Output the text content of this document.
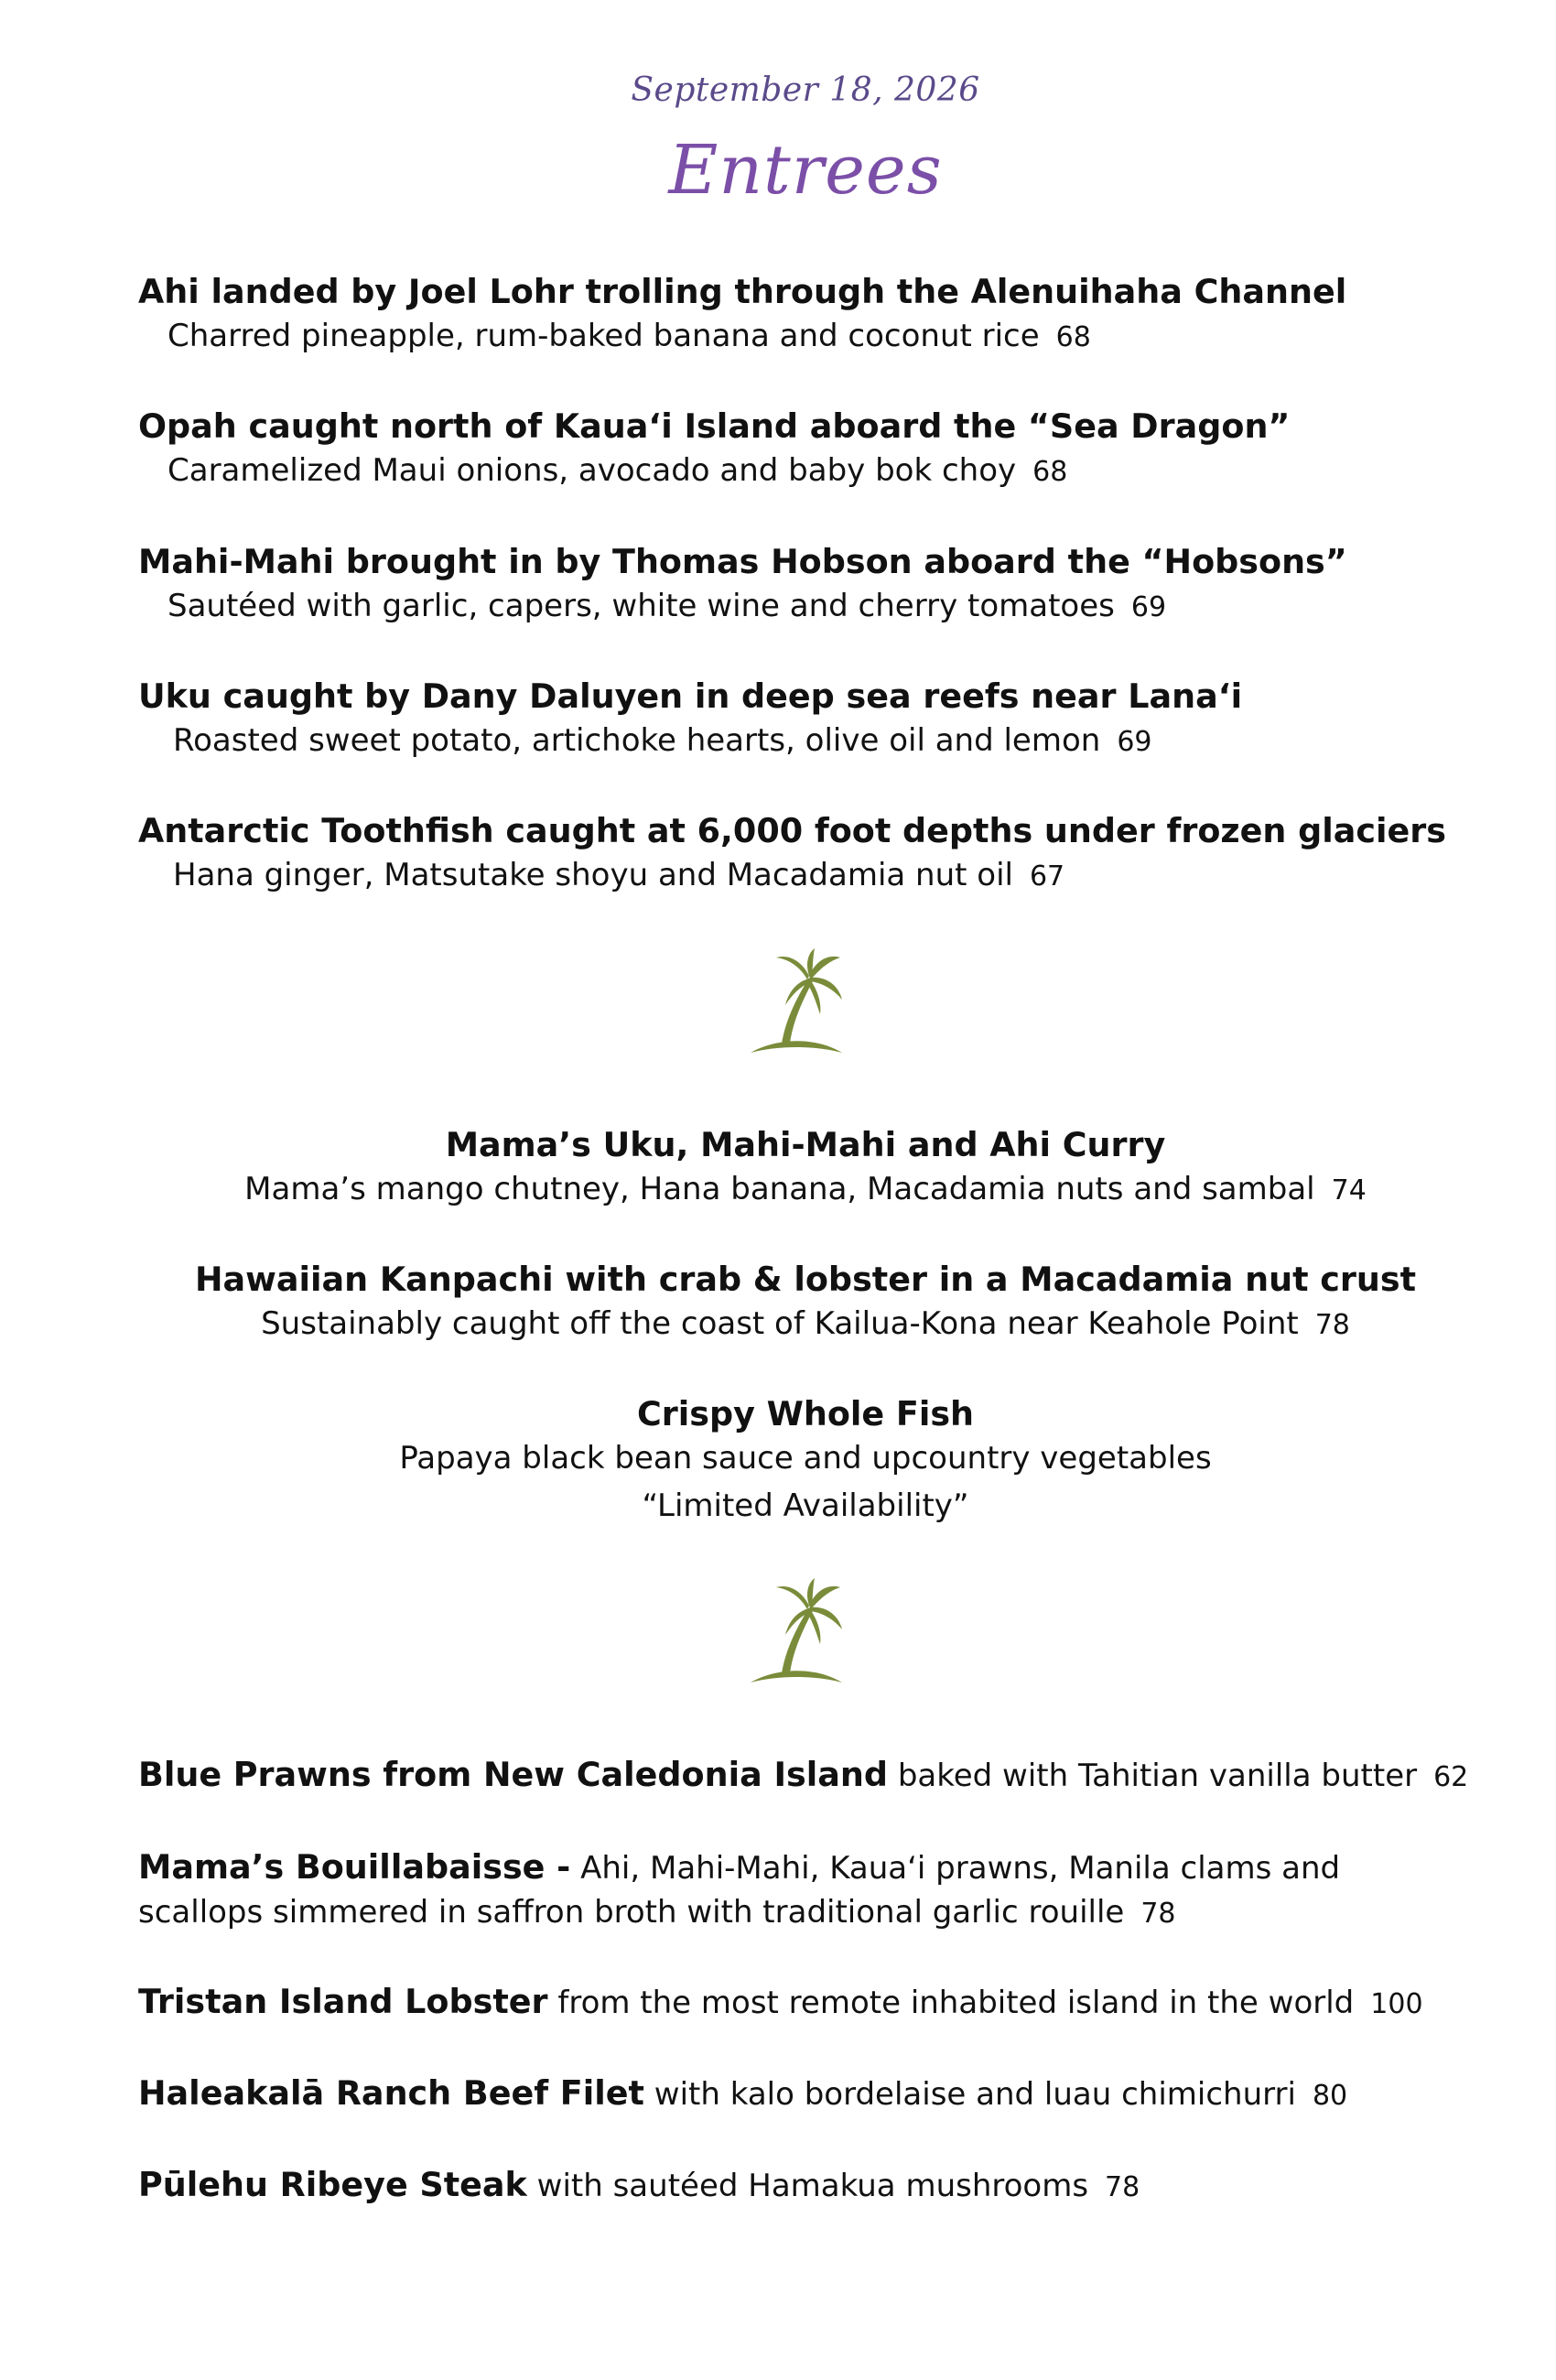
September 18, 2026
Entrees
Ahi landed by Joel Lohr trolling through the Alenuihaha Channel
Charred pineapple, rum-baked banana and coconut rice 68
Opah caught north of Kaua‘i Island aboard the “Sea Dragon”
Caramelized Maui onions, avocado and baby bok choy 68
Mahi-Mahi brought in by Thomas Hobson aboard the “Hobsons”
Sautéed with garlic, capers, white wine and cherry tomatoes 69
Uku caught by Dany Daluyen in deep sea reefs near Lana‘i
Roasted sweet potato, artichoke hearts, olive oil and lemon 69
Antarctic Toothfish caught at 6,000 foot depths under frozen glaciers
Hana ginger, Matsutake shoyu and Macadamia nut oil 67
Mama’s Uku, Mahi-Mahi and Ahi Curry
Mama’s mango chutney, Hana banana, Macadamia nuts and sambal 74
Hawaiian Kanpachi with crab & lobster in a Macadamia nut crust
Sustainably caught off the coast of Kailua-Kona near Keahole Point 78
Crispy Whole Fish
Papaya black bean sauce and upcountry vegetables
“Limited Availability”
Blue Prawns from New Caledonia Island baked with Tahitian vanilla butter 62
Mama’s Bouillabaisse - Ahi, Mahi-Mahi, Kaua‘i prawns, Manila clams and
scallops simmered in saffron broth with traditional garlic rouille 78
Tristan Island Lobster from the most remote inhabited island in the world 100
Haleakalā Ranch Beef Filet with kalo bordelaise and luau chimichurri 80
Pūlehu Ribeye Steak with sautéed Hamakua mushrooms 78
